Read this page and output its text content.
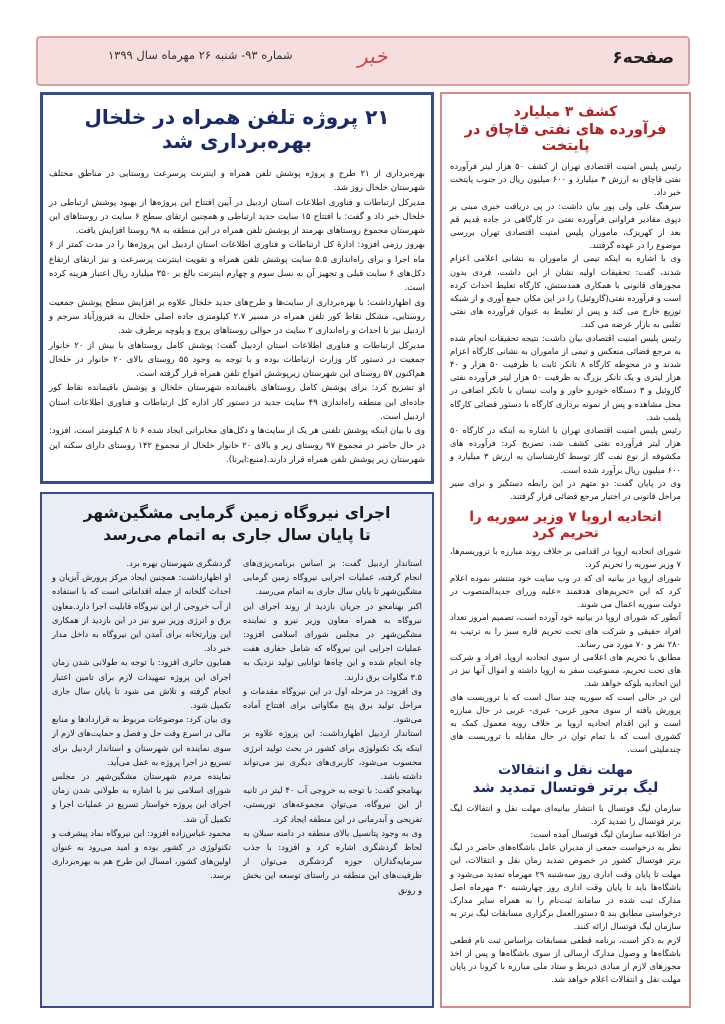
صفحه۶
خبر
شماره ۹۳- شنبه ۲۶ مهرماه سال ۱۳۹۹
کشف ۳ میلیارد
فرآورده های نفتی قاچاق در پایتخت

رئیس پلیس امنیت اقتصادی تهران از کشف ۵۰ هزار لیتر فرآورده نفتی قاچاق به ارزش ۳ میلیارد و ۶۰۰ میلیون ریال در جنوب پایتخت خبر داد.

سرهنگ علی ولی پور بیان داشت: در پی دریافت خبری مبنی بر دپوی مقادیر فراوانی فرآورده نفتی در کارگاهی در جاده قدیم قم بعد از کهریزک، ماموران پلیس امنیت اقتصادی تهران بررسی موضوع را در عهده گرفتند.

وی با اشاره به اینکه تیمی از ماموران به نشانی اعلامی اعزام شدند، گفت: تحقیقات اولیه نشان از این داشت، فردی بدون مجوزهای قانونی با همکاری همدستش، کارگاه تعلیط احداث کرده است و فرآورده نفتی(گازوئیل) را در این مکان جمع آوری و از شبکه توزیع خارج می کند و پس از تعلیط به عنوان فرآورده های نفتی تقلبی به بازار عرضه می کند.

رئیس پلیس امنیت اقتصادی بیان داشت: نتیجه تحقیقات انجام شده به مرجع قضائی منعکس و تیمی از ماموران به نشانی کارگاه اعزام شدند و در محوطه کارگاه ۸ تانکر ثابت با ظرفیت ۵۰ هزار و ۴۰ هزار لیتری و یک تانکر بزرگ به ظرفیت ۵۰ هزار لیتر فرآورده نفتی گازوئیل و ۳ دستگاه خودرو خاور و وانت نیسان با تانکر اضافی در محل مشاهده و پس از نمونه برداری کارگاه با دستور قضائی کارگاه پلمب شد.

رئیس پلیس امنیت اقتصادی تهران با اشاره به اینکه در کارگاه ۵۰ هزار لیتر فرآورده نفتی کشف شد، تصریح کرد: فرآورده های مکشوفه از نوع نفت گاز توسط کارشناسان به ارزش ۳ میلیارد و ۶۰۰ میلیون ریال برآورد شده است.

وی در پایان گفت: دو متهم در این رابطه دستگیر و برای سیر مراحل قانونی در اختیار مرجع قضائی قرار گرفتند.

اتحادیه اروپا ۷ وزیر سوریه را تحریم کرد

شورای اتحادیه اروپا در اقدامی بر خلاف روند مبارزه با تروریسم‌ها، ۷ وزیر سوریه را تحریم کرد.

شورای اروپا در بیانیه ای که در وب سایت خود منتشر نموده اعلام کرد که این «تحریم‌های هدفمند «علیه وزرای جدیدالمنصوب در دولت سوریه اعمال می شوند.

آنطور که شورای اروپا در بیانیه خود آورده است، تصمیم امروز تعداد افراد حقیقی و شرکت های تحت تحریم قاره سبز را به ترتیب به ۲۸۰ نفر و ۷۰ مورد می رساند.

مطابق با تحریم های اعلامی از سوی اتحادیه اروپا، افراد و شرکت های تحت تحریم، ممنوعیت سفر به اروپا داشته و اموال آنها نیز در این اتحادیه بلوکه خواهد شد.

این در حالی است که سوریه چند سال است که با تروریست های پرورش یافته از سوی محور غربی- عبری- عربی در حال مبارزه است و این اقدام اتحادیه اروپا بر خلاف رویه معمول کمک به کشوری است که با تمام توان در حال مقابله با تروریست های چندملیتی است.

مهلت نقل و انتقالات
لیگ برتر فوتسال تمدید شد

سازمان لیگ فوتسال با انتشار بیانیه‌ای مهلت نقل و انتقالات لیگ برتر فوتسال را تمدید کرد.

در اطلاعیه سازمان لیگ فوتسال آمده است:

نظر به درخواست جمعی از مدیران عامل باشگاه‌های حاضر در لیگ برتر فوتسال کشور در خصوص تمدید زمان نقل و انتقالات، این مهلت تا پایان وقت اداری روز سه‌شنبه ۲۹ مهرماه تمدید می‌شود و باشگاه‌ها باید تا پایان وقت اداری روز چهارشنبه ۳۰ مهرماه اصل مدارک ثبت شده در سامانه ثبت‌نام را به همراه سایر مدارک درخواستی مطابق بند ۵ دستورالعمل برگزاری مسابقات لیگ برتر به سازمان لیگ فوتسال ارائه کنند.

لازم به ذکر است، برنامه قطعی مسابقات براساس ثبت نام قطعی باشگاه‌ها و وصول مدارک ارسالی از سوی باشگاه‌ها و پس از اخذ مجوزهای لازم از مبادی ذیربط و ستاد ملی مبارزه با کرونا در پایان مهلت نقل و انتقالات اعلام خواهد شد.

۲۱ پروژه تلفن همراه در خلخال بهره‌برداری شد

بهره‌برداری از ۲۱ طرح و پروژه پوشش تلفن همراه و اینترنت پرسرعت روستایی در مناطق مختلف شهرستان خلخال روز شد.

مدیرکل ارتباطات و فناوری اطلاعات استان اردبیل در آیین افتتاح این پروژه‌ها از بهبود پوشش ارتباطی در خلخال خبر داد و گفت: با افتتاح ۱۵ سایت جدید ارتباطی و همچنین ارتقای سطح ۶ سایت در روستاهای این شهرستان مجموع روستاهای بهرمند از پوشش تلفن همراه در این منطقه به ۹۸ روستا افزایش یافت.

بهروز رزمی افزود: ادارۀ کل ارتباطات و فناوری اطلاعات استان اردبیل این پروژه‌ها را در مدت کمتر از ۶ ماه اجرا و برای راه‌اندازی ۵.۵ سایت پوشش تلفن همراه و تقویت اینترنت پرسرعت و نیز ارتقای ارتفاع دکل‌های ۶ سایت قبلی و تجهیز آن به نسل سوم و چهارم اینترنت بالغ بر ۳۵۰ میلیارد ریال اعتبار هزینه کرده است.

وی اظهارداشت: با بهره‌برداری از سایت‌ها و طرح‌های جدید خلخال علاوه بر افزایش سطح پوشش جمعیت روستایی، مشکل نقاط کور تلفن همراه در مسیر ۲.۷ کیلومتری جاده اصلی خلخال به فیروزآباد سرجم و اردبیل نیز با احداث و راه‌اندازی ۲ سایت در حوالی روستاهای پروج و پلوچه برطرف شد.

مدیرکل ارتباطات و فناوری اطلاعات استان اردبیل گفت: پوشش کامل روستاهای با بیش از ۲۰ خانوار جمعیت در دستور کار وزارت ارتباطات بوده و با توجه به وجود ۵۵ روستای بالای ۲۰ خانوار در خلخال هم‌اکنون ۵۷ روستای این شهرستان زیرپوشش امواج تلفن همراه قرار گرفته است.

او تشریح کرد: برای پوشش کامل روستاهای باقیمانده شهرستان خلخال و پوشش باقیمانده نقاط کور جاده‌ای این منطقه راه‌اندازی ۴۹ سایت جدید در دستور کار اداره کل ارتباطات و فناوری اطلاعات استان اردبیل است.

وی با بیان اینکه پوشش تلفنی هر یک از سایت‌ها و دکل‌های مخابراتی ایجاد شده ۶ تا ۸ کیلومتر است، افزود: در حال حاضر در مجموع ۹۷ روستای زیر و بالای ۲۰ خانوار خلخال از مجموع ۱۴۲ روستای دارای سکنه این شهرستان زیر پوشش تلفن همراه قرار دارند.(منبع:ایرنا).

اجرای نیروگاه زمین گرمایی مشگین‌شهر
تا پایان سال جاری به اتمام می‌رسد

استاندار اردبیل گفت: بر اساس برنامه‌ریزی‌های انجام گرفته، عملیات اجرایی نیروگاه زمین گرمایی مشگین‌شهر تا پایان سال جاری به اتمام می‌رسد.

اکبر بهنامجو در جریان بازدید از روند اجرای این نیروگاه به همراه معاون وزیر نیرو و نماینده مشگین‌شهر در مجلس شورای اسلامی افزود: عملیات اجرایی این نیروگاه که شامل حفاری هفت چاه انجام شده و این چاه‌ها توانایی تولید نزدیک به ۳.۵ مگاوات برق دارند.

وی افزود: در مرحله اول در این نیروگاه مقدمات و مراحل تولید برق پنج مگاواتی برای افتتاح آماده می‌شود.

استاندار اردبیل اظهارداشت: این پروژه علاوه بر اینکه یک تکنولوژی برای کشور در بحث تولید انرژی محسوب می‌شود، کاربری‌های دیگری نیز می‌تواند داشته باشد.

بهنامجو گفت: با توجه به خروجی آب ۴۰ لیتر در ثانیه از این نیروگاه، می‌توان مجموعه‌های توریستی، تفریحی و آبدرمانی در این منطقه ایجاد کرد.

وی به وجود پتانسیل بالای منطقه در دامنه سبلان به لحاظ گردشگری اشاره کرد و افزود: با جذب سرمایه‌گذاران حوزه گردشگری می‌توان از ظرفیت‌های این منطقه در راستای توسعه این بخش و رونق

گردشگری شهرستان بهره برد.

او اظهارداشت: همچنین ایجاد مرکز پرورش آبزیان و احداث گلخانه از جمله اقداماتی است که با استفاده از آب خروجی از این نیروگاه قابلیت اجرا دارد.معاون برق و انرژی وزیر نیرو نیز در این بازدید از همکاری این وزارتخانه برای آمدن این نیروگاه به داخل مدار خبر داد.

همایون حائری افزود: با توجه به طولانی شدن زمان اجرای این پروژه تمهیدات لازم برای تامین اعتبار انجام گرفته و تلاش می شود تا پایان سال جاری تکمیل شود.

وی بیان کرد: موضوعات مربوط به قراردادها و منابع مالی در اسرع وقت حل و فصل و حمایت‌های لازم از سوی نماینده این شهرستان و استاندار اردبیل برای تسریع در اجرا پروژه به عمل می‌آید.

نماینده مردم شهرستان مشگین‌شهر در مجلس شورای اسلامی نیز با اشاره به طولانی شدن زمان اجرای این پروژه خواستار تسریع در عملیات اجرا و تکمیل آن شد.

محمود عباس‌زاده افزود: این نیروگاه نماد پیشرفت و تکنولوژی در کشور بوده و امید می‌رود به عنوان اولین‌های کشور، امسال این طرح هم به بهره‌برداری برسد.
